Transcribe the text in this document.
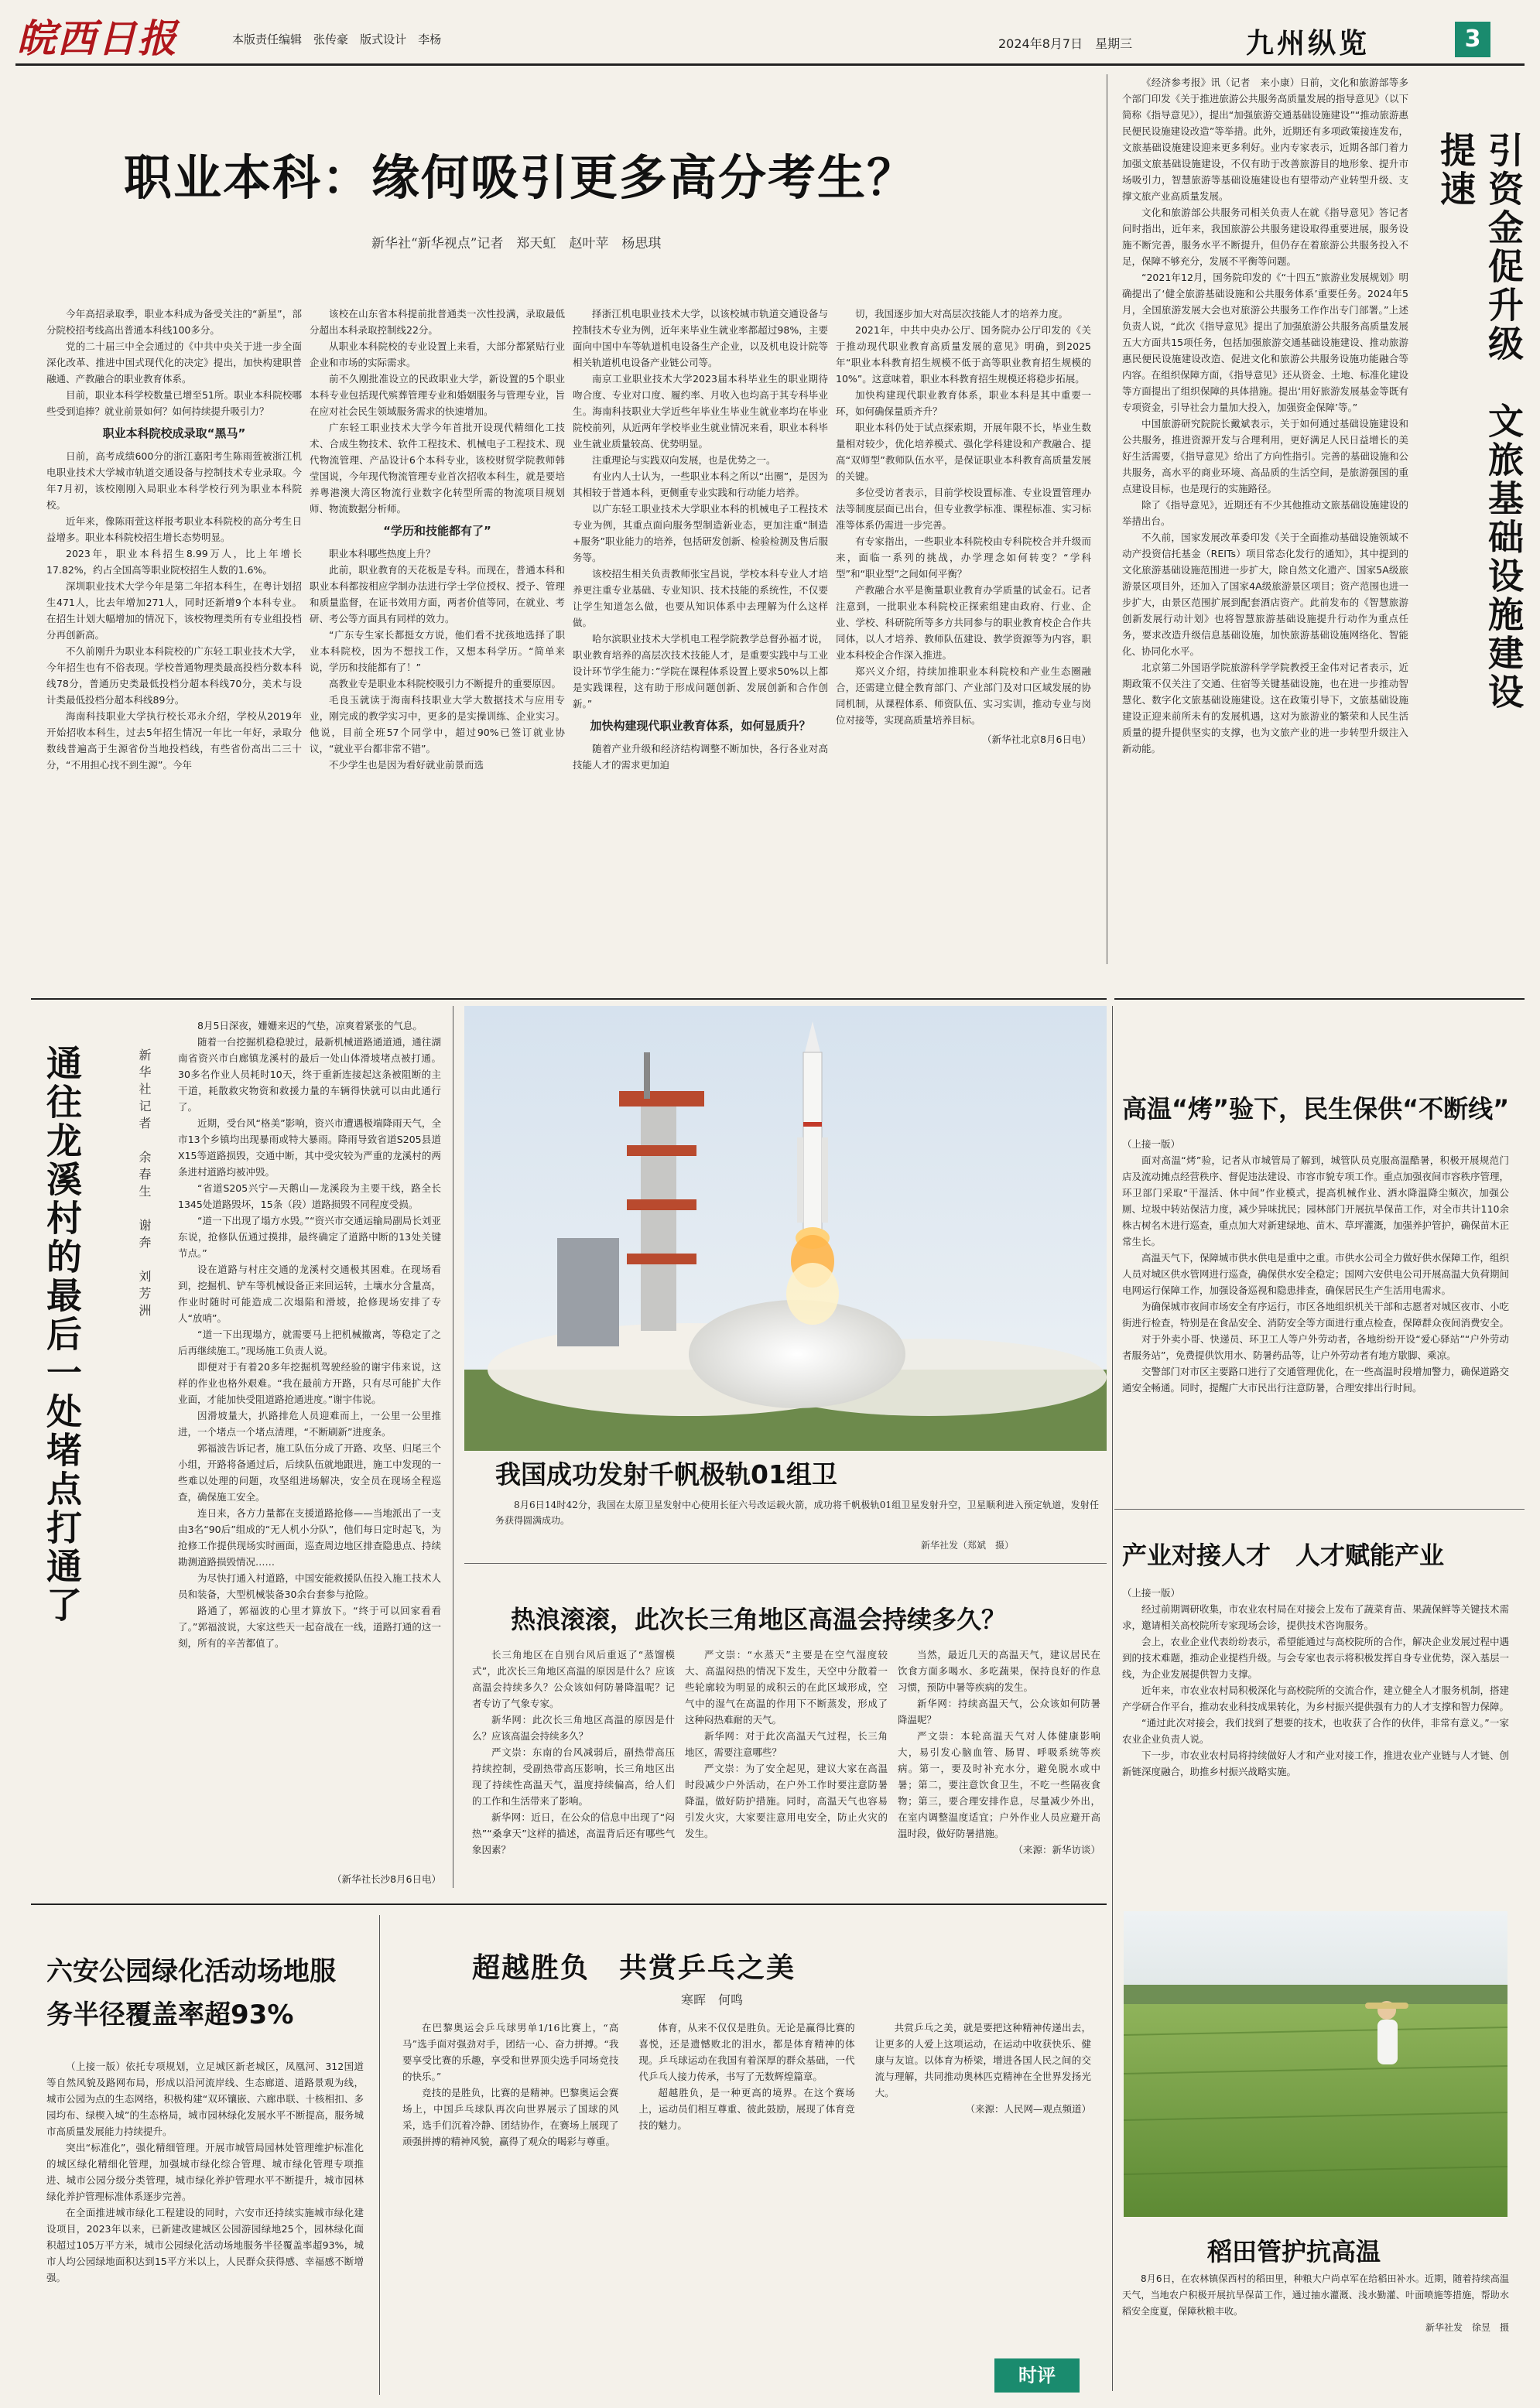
皖西日报	本版责任编辑　 张传豪　 版式设计　 李杨	2024年8月7日　 星期三	九州纵览	3
职业本科：缘何吸引更多高分考生？
新华社“新华视点”记者　郑天虹　赵叶苹　杨思琪

今年高招录取季，职业本科成为备受关注的“新星”，部分院校招考线高出普通本科线100多分。

党的二十届三中全会通过的《中共中央关于进一步全面深化改革、推进中国式现代化的决定》提出，加快构建职普融通、产教融合的职业教育体系。

目前，职业本科学校数量已增至51所。职业本科院校哪些受到追捧？就业前景如何？如何持续提升吸引力？

职业本科院校成录取“黑马”

日前，高考成绩600分的浙江嘉阳考生陈雨萱被浙江机电职业技术大学城市轨道交通设备与控制技术专业录取。今年7月初，该校刚刚入局职业本科学校行列为职业本科院校。

近年来，像陈雨萱这样报考职业本科院校的高分考生日益增多。职业本科院校招生增长态势明显。

2023年，职业本科招生8.99万人，比上年增长17.82%，约占全国高等职业院校招生人数的1.6%。

深圳职业技术大学今年是第二年招本科生，在粤计划招生471人，比去年增加271人，同时还新增9个本科专业。在招生计划大幅增加的情况下，该校物理类所有专业组投档分再创新高。

不久前刚升为职业本科院校的广东轻工职业技术大学，今年招生也有不俗表现。学校普通物理类最高投档分数本科线78分，普通历史类最低投档分超本科线70分，美术与设计类最低投档分超本科线89分。

海南科技职业大学执行校长邓永介绍，学校从2019年开始招收本科生，过去5年招生情况一年比一年好，录取分数线普遍高于生源省份当地投档线，有些省份高出二三十分，“不用担心找不到生源”。今年

该校在山东省本科提前批普通类一次性投满，录取最低分超出本科录取控制线22分。

从职业本科院校的专业设置上来看，大部分都紧贴行业企业和市场的实际需求。

前不久刚批准设立的民政职业大学，新设置的5个职业本科专业包括现代殡葬管理专业和婚姻服务与管理专业，旨在应对社会民生领域服务需求的快速增加。

广东轻工职业技术大学今年首批开设现代精细化工技术、合成生物技术、软件工程技术、机械电子工程技术、现代物流管理、产品设计6个本科专业，该校财贸学院教师韩莹国说，今年现代物流管理专业首次招收本科生，就是要培养粤港澳大湾区物流行业数字化转型所需的物流项目规划师、物流数据分析师。

“学历和技能都有了”

职业本科哪些热度上升？

此前，职业教育的天花板是专科。而现在，普通本科和职业本科都按相应学制办法进行学士学位授权、授予、管理和质量监督，在证书效用方面，两者价值等同，在就业、考研、考公等方面具有同样的效力。

“广东专生家长都挺女方说，他们看不扰孩地选择了职业本科院校，因为不想找工作，又想本科学历。“简单来说，学历和技能都有了！”

高教业专是职业本科院校吸引力不断提升的重要原因。

毛良玉就读于海南科技职业大学大数据技术与应用专业，刚完成的教学实习中，更多的是实操训练、企业实习。他说，目前全班57个同学中，超过90%已签订就业协议，“就业平台都非常不错”。

不少学生也是因为看好就业前景而选

择浙江机电职业技术大学，以该校城市轨道交通设备与控制技术专业为例，近年来毕业生就业率都超过98%，主要面向中国中车等轨道机电设备生产企业，以及机电设计院等相关轨道机电设备产业链公司等。

南京工业职业技术大学2023届本科毕业生的职业期待吻合度、专业对口度、履约率、月收入也均高于其专科毕业生。海南科技职业大学近些年毕业生毕业生就业率均在毕业院校前列，从近两年学校毕业生就业情况来看，职业本科毕业生就业质量较高、优势明显。

注重理论与实践双向发展，也是优势之一。

有业内人士认为，一些职业本科之所以“出圈”，是因为其相较于普通本科，更侧重专业实践和行动能力培养。

以广东轻工职业技术大学职业本科的机械电子工程技术专业为例，其重点面向服务型制造新业态，更加注重“制造+服务”职业能力的培养，包括研发创新、检验检测及售后服务等。

该校招生相关负责教师张宝昌说，学校本科专业人才培养更注重专业基础、专业知识、技术技能的系统性，不仅要让学生知道怎么做，也要从知识体系中去理解为什么这样做。

哈尔滨职业技术大学机电工程学院教学总督孙福才说，职业教育培养的高层次技术技能人才，是重要实践中与工业设计环节学生能力：”学院在课程体系设置上要求50%以上都是实践课程，这有助于形成问题创新、发展创新和合作创新。”

加快构建现代职业教育体系，如何显质升？

随着产业升级和经济结构调整不断加快，各行各业对高技能人才的需求更加迫

切，我国逐步加大对高层次技能人才的培养力度。

2021年，中共中央办公厅、国务院办公厅印发的《关于推动现代职业教育高质量发展的意见》明确，到2025年“职业本科教育招生规模不低于高等职业教育招生规模的10%”。这意味着，职业本科教育招生规模还将稳步拓展。

加快构建现代职业教育体系，职业本科是其中重要一环，如何确保量质齐升？

职业本科仍处于试点探索期，开展年限不长，毕业生数量相对较少，优化培养模式、强化学科建设和产教融合、提高“双师型”教师队伍水平，是保证职业本科教育高质量发展的关键。

多位受访者表示，目前学校设置标准、专业设置管理办法等制度层面已出台，但专业教学标准、课程标准、实习标准等体系仍需进一步完善。

有专家指出，一些职业本科院校由专科院校合并升级而来，面临一系列的挑战，办学理念如何转变？“学科型”和“职业型”之间如何平衡？

产教融合水平是衡量职业教育办学质量的试金石。记者注意到，一批职业本科院校正探索组建由政府、行业、企业、学校、科研院所等多方共同参与的职业教育校企合作共同体，以人才培养、教师队伍建设、教学资源等为内容，职业本科校企合作深入推进。

郑兴义介绍，持续加推职业本科院校和产业生态圈融合，还需建立健全教育部门、产业部门及对口区域发展的协同机制，从课程体系、师资队伍、实习实训，推动专业与岗位对接等，实现高质量培养目标。

（新华社北京8月6日电）

《经济参考报》讯（记者　来小康）日前，文化和旅游部等多个部门印发《关于推进旅游公共服务高质量发展的指导意见》（以下简称《指导意见》），提出“加强旅游交通基础设施建设”“推动旅游惠民便民设施建设改造”等举措。此外，近期还有多项政策接连发布，文旅基础设施建设迎来更多利好。业内专家表示，近期各部门着力加强文旅基础设施建设，不仅有助于改善旅游目的地形象、提升市场吸引力，智慧旅游等基础设施建设也有望带动产业转型升级、支撑文旅产业高质量发展。

文化和旅游部公共服务司相关负责人在就《指导意见》答记者问时指出，近年来，我国旅游公共服务建设取得重要进展，服务设施不断完善，服务水平不断提升，但仍存在着旅游公共服务投入不足，保障不够充分，发展不平衡等问题。

“2021年12月，国务院印发的《“十四五”旅游业发展规划》明确提出了‘健全旅游基础设施和公共服务体系’重要任务。2024年5月，全国旅游发展大会也对旅游公共服务工作作出专门部署。”上述负责人说，“此次《指导意见》提出了加强旅游公共服务高质量发展五大方面共15项任务，包括加强旅游交通基础设施建设、推动旅游惠民便民设施建设改造、促进文化和旅游公共服务设施功能融合等内容。在组织保障方面，《指导意见》还从资金、土地、标准化建设等方面提出了组织保障的具体措施。提出‘用好旅游发展基金等既有专项资金，引导社会力量加大投入，加强资金保障’等。”

中国旅游研究院院长戴斌表示，关于如何通过基础设施建设和公共服务，推进资源开发与合理利用，更好满足人民日益增长的美好生活需要，《指导意见》给出了方向性指引。完善的基础设施和公共服务，高水平的商业环境、高品质的生活空间，是旅游强国的重点建设目标，也是现行的实施路径。

除了《指导意见》，近期还有不少其他推动文旅基础设施建设的举措出台。

不久前，国家发展改革委印发《关于全面推动基础设施领域不动产投资信托基金（REITs）项目常态化发行的通知》，其中提到的文化旅游基础设施范围进一步扩大，除自然文化遗产、国家5A级旅游景区项目外，还加入了国家4A级旅游景区项目；资产范围也进一步扩大，由景区范围扩展到配套酒店资产。此前发布的《智慧旅游创新发展行动计划》也将智慧旅游基础设施提升行动作为重点任务，要求改造升级信息基础设施，加快旅游基础设施网络化、智能化、协同化水平。

北京第二外国语学院旅游科学学院教授王金伟对记者表示，近期政策不仅关注了交通、住宿等关键基础设施，也在进一步推动智慧化、数字化文旅基础设施建设。这在政策引导下，文旅基础设施建设正迎来前所未有的发展机遇，这对为旅游业的繁荣和人民生活质量的提升提供坚实的支撑，也为文旅产业的进一步转型升级注入新动能。

引资金促升级　文旅基础设施建设提速
高温“烤”验下，民生保供“不断线”

（上接一版）

面对高温“烤”验，记者从市城管局了解到，城管队员克服高温酷暑，积极开展规范门店及流动摊点经营秩序、督促违法建设、市容市貌专项工作。重点加强夜间市容秩序管理，环卫部门采取“干湿活、休中间”作业模式，提高机械作业、洒水降温降尘频次，加强公厕、垃圾中转站保洁力度，减少异味扰民；园林部门开展抗旱保苗工作，对全市共计110余株古树名木进行巡查，重点加大对新建绿地、苗木、草坪灌溉，加强养护管护，确保苗木正常生长。

高温天气下，保障城市供水供电是重中之重。市供水公司全力做好供水保障工作，组织人员对城区供水管网进行巡查，确保供水安全稳定；国网六安供电公司开展高温大负荷期间电网运行保障工作，加强设备巡视和隐患排查，确保居民生产生活用电需求。

为确保城市夜间市场安全有序运行，市区各地组织机关干部和志愿者对城区夜市、小吃街进行检查，特别是在食品安全、消防安全等方面进行重点检查，保障群众夜间消费安全。

对于外卖小哥、快递员、环卫工人等户外劳动者，各地纷纷开设“爱心驿站”“户外劳动者服务站”，免费提供饮用水、防暑药品等，让户外劳动者有地方歇脚、乘凉。

交警部门对市区主要路口进行了交通管理优化，在一些高温时段增加警力，确保道路交通安全畅通。同时，提醒广大市民出行注意防暑，合理安排出行时间。

产业对接人才　人才赋能产业

（上接一版）

经过前期调研收集，市农业农村局在对接会上发布了蔬菜育苗、果蔬保鲜等关键技术需求，邀请相关高校院所专家现场会诊，提供技术咨询服务。

会上，农业企业代表纷纷表示，希望能通过与高校院所的合作，解决企业发展过程中遇到的技术难题，推动企业提档升级。与会专家也表示将积极发挥自身专业优势，深入基层一线，为企业发展提供智力支撑。

近年来，市农业农村局积极深化与高校院所的交流合作，建立健全人才服务机制，搭建产学研合作平台，推动农业科技成果转化，为乡村振兴提供强有力的人才支撑和智力保障。

“通过此次对接会，我们找到了想要的技术，也收获了合作的伙伴，非常有意义。”一家农业企业负责人说。

下一步，市农业农村局将持续做好人才和产业对接工作，推进农业产业链与人才链、创新链深度融合，助推乡村振兴战略实施。

稻田管护抗高温

8月6日，在农林镇保西村的稻田里，种粮大户尚卓军在给稻田补水。近期，随着持续高温天气，当地农户积极开展抗旱保苗工作，通过抽水灌溉、浅水勤灌、叶面喷施等措施，帮助水稻安全度夏，保障秋粮丰收。

新华社发　徐昱　摄
通往龙溪村的最后一处堵点打通了	新华社记者　余春生　谢奔　刘芳洲

8月5日深夜，姗姗来迟的气垫，凉爽着紧张的气息。

随着一台挖掘机稳稳驶过，最新机械道路通道通，通往湖南省资兴市白廊镇龙溪村的最后一处山体滑坡堵点被打通。30多名作业人员耗时10天，终于重新连接起这条被阻断的主干道，耗散救灾物资和救援力量的车辆得快就可以由此通行了。

近期，受台风“格美”影响，资兴市遭遇极端降雨天气，全市13个乡镇均出现暴雨或特大暴雨。降雨导致省道S205县道X15等道路损毁，交通中断，其中受灾较为严重的龙溪村的两条进村道路均被冲毁。

“省道S205兴宁—天鹅山—龙溪段为主要干线，路全长1345处道路毁坏，15条（段）道路损毁不同程度受损。

“道一下出现了塌方水毁。”“资兴市交通运输局副局长刘亚东说，抢修队伍通过摸排，最终确定了道路中断的13处关键节点。”

设在道路与村庄交通的龙溪村交通极其困难。在现场看到，挖掘机、铲车等机械设备正来回运转，土壤水分含量高，作业时随时可能造成二次塌陷和滑坡，抢修现场安排了专人“放哨”。

“道一下出现塌方，就需要马上把机械撤离，等稳定了之后再继续施工。”现场施工负责人说。

即便对于有着20多年挖掘机驾驶经验的谢宇伟来说，这样的作业也格外艰难。“我在最前方开路，只有尽可能扩大作业面，才能加快受阻道路抢通进度。”谢宇伟说。

因滑坡量大，扒路排危人员迎难而上，一公里一公里推进，一个堵点一个堵点清理，“不断刷新”进度条。

郭福波告诉记者，施工队伍分成了开路、攻坚、归尾三个小组，开路将备通过后，后续队伍就地跟进，施工中发现的一些难以处理的问题，攻坚组进场解决，安全员在现场全程巡查，确保施工安全。

连日来，各方力量都在支援道路抢修——当地派出了一支由3名“90后”组成的“无人机小分队”，他们每日定时起飞，为抢修工作提供现场实时画面，巡查周边地区排查隐患点、持续勘测道路损毁情况……

为尽快打通入村道路，中国安能救援队伍投入施工技术人员和装备，大型机械装备30余台套参与抢险。

路通了，郭福波的心里才算放下。“终于可以回家看看了。”郭福波说，大家这些天一起奋战在一线，道路打通的这一刻，所有的辛苦都值了。

（新华社长沙8月6日电）
我国成功发射千帆极轨01组卫
8月6日14时42分，我国在太原卫星发射中心使用长征六号改运载火箭，成功将千帆极轨01组卫星发射升空，卫星顺利进入预定轨道，发射任务获得圆满成功。
新华社发（郑斌　摄）
热浪滚滚，此次长三角地区高温会持续多久？

长三角地区在自别台风后重返了“蒸馏模式”，此次长三角地区高温的原因是什么？应该高温会持续多久？公众该如何防暑降温呢？记者专访了气象专家。

新华网：此次长三角地区高温的原因是什么？应该高温会持续多久？

严文崇：东南的台风减弱后，副热带高压持续控制，受副热带高压影响，长三角地区出现了持续性高温天气，温度持续偏高，给人们的工作和生活带来了影响。

新华网：近日，在公众的信息中出现了“闷热”“桑拿天”这样的描述，高温背后还有哪些气象因素？

严文崇：“水蒸天”主要是在空气湿度较大、高温闷热的情况下发生，天空中分散着一些轮廓较为明显的成积云的在此区域形成，空气中的湿气在高温的作用下不断蒸发，形成了这种闷热难耐的天气。

新华网：对于此次高温天气过程，长三角地区，需要注意哪些？

严文崇：为了安全起见，建议大家在高温时段减少户外活动，在户外工作时要注意防暑降温，做好防护措施。同时，高温天气也容易引发火灾，大家要注意用电安全，防止火灾的发生。

当然，最近几天的高温天气，建议居民在饮食方面多喝水、多吃蔬果，保持良好的作息习惯，预防中暑等疾病的发生。

新华网：持续高温天气，公众该如何防暑降温呢？

严文崇：本轮高温天气对人体健康影响大，易引发心脑血管、肠胃、呼吸系统等疾病。第一，要及时补充水分，避免脱水或中暑；第二，要注意饮食卫生，不吃一些隔夜食物；第三，要合理安排作息，尽量减少外出，在室内调整温度适宜；户外作业人员应避开高温时段，做好防暑措施。

（来源：新华访谈）
六安公园绿化活动场地服务半径覆盖率超93%

（上接一版）依托专项规划，立足城区新老城区，凤凰河、312国道等自然风貌及路网布局，形成以沿河流岸线、生态廊道、道路景观为线，城市公园为点的生态网络，积极构建“双环镶嵌、六廊串联、十核相扣、多园均布、绿楔入城”的生态格局，城市园林绿化发展水平不断提高，服务城市高质量发展能力持续提升。

突出“标准化”，强化精细管理。开展市城管局园林处管理维护标准化的城区绿化精细化管理，加强城市绿化综合管理、城市绿化管理专项推进、城市公园分级分类管理，城市绿化养护管理水平不断提升，城市园林绿化养护管理标准体系逐步完善。

在全面推进城市绿化工程建设的同时，六安市还持续实施城市绿化建设项目，2023年以来，已新建改建城区公园游园绿地25个，园林绿化面积超过105万平方米，城市公园绿化活动场地服务半径覆盖率超93%，城市人均公园绿地面积达到15平方米以上，人民群众获得感、幸福感不断增强。

超越胜负　共赏乒乓之美
寒晖　何鸣

在巴黎奥运会乒乓球男单1/16比赛上，“高马”选手面对强劲对手，团结一心、奋力拼搏。“我要享受比赛的乐趣，享受和世界顶尖选手同场竞技的快乐。”

竞技的是胜负，比赛的是精神。巴黎奥运会赛场上，中国乒乓球队再次向世界展示了国球的风采，选手们沉着冷静、团结协作，在赛场上展现了顽强拼搏的精神风貌，赢得了观众的喝彩与尊重。

体育，从来不仅仅是胜负。无论是赢得比赛的喜悦，还是遗憾败北的泪水，都是体育精神的体现。乒乓球运动在我国有着深厚的群众基础，一代代乒乓人接力传承，书写了无数辉煌篇章。

超越胜负，是一种更高的境界。在这个赛场上，运动员们相互尊重、彼此鼓励，展现了体育竞技的魅力。

共赏乒乓之美，就是要把这种精神传递出去，让更多的人爱上这项运动，在运动中收获快乐、健康与友谊。以体育为桥梁，增进各国人民之间的交流与理解，共同推动奥林匹克精神在全世界发扬光大。

（来源：人民网—观点频道）
时评
